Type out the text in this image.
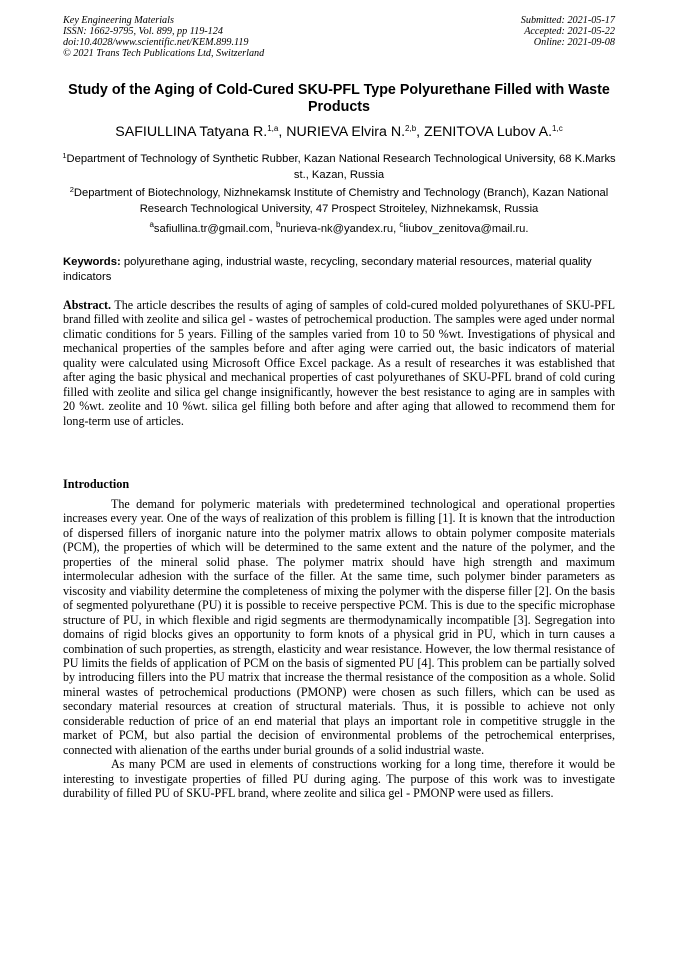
Key Engineering Materials
ISSN: 1662-9795, Vol. 899, pp 119-124
doi:10.4028/www.scientific.net/KEM.899.119
© 2021 Trans Tech Publications Ltd, Switzerland
Submitted: 2021-05-17
Accepted: 2021-05-22
Online: 2021-09-08
Study of the Aging of Cold-Cured SKU-PFL Type Polyurethane Filled with Waste Products
SAFIULLINA Tatyana R.$^{1,a}$, NURIEVA Elvira N.$^{2,b}$, ZENITOVA Lubov A.$^{1,c}$
$^1$Department of Technology of Synthetic Rubber, Kazan National Research Technological University, 68 K.Marks st., Kazan, Russia
$^2$Department of Biotechnology, Nizhnekamsk Institute of Chemistry and Technology (Branch), Kazan National Research Technological University, 47 Prospect Stroiteley, Nizhnekamsk, Russia
$^a$safiullina.tr@gmail.com, $^b$nurieva-nk@yandex.ru, $^c$liubov_zenitova@mail.ru.
Keywords: polyurethane aging, industrial waste, recycling, secondary material resources, material quality indicators
Abstract. The article describes the results of aging of samples of cold-cured molded polyurethanes of SKU-PFL brand filled with zeolite and silica gel - wastes of petrochemical production. The samples were aged under normal climatic conditions for 5 years. Filling of the samples varied from 10 to 50 %wt. Investigations of physical and mechanical properties of the samples before and after aging were carried out, the basic indicators of material quality were calculated using Microsoft Office Excel package. As a result of researches it was established that after aging the basic physical and mechanical properties of cast polyurethanes of SKU-PFL brand of cold curing filled with zeolite and silica gel change insignificantly, however the best resistance to aging are in samples with 20 %wt. zeolite and 10 %wt. silica gel filling both before and after aging that allowed to recommend them for long-term use of articles.
Introduction

The demand for polymeric materials with predetermined technological and operational properties increases every year. One of the ways of realization of this problem is filling [1]. It is known that the introduction of dispersed fillers of inorganic nature into the polymer matrix allows to obtain polymer composite materials (PCM), the properties of which will be determined to the same extent and the nature of the polymer, and the properties of the mineral solid phase. The polymer matrix should have high strength and maximum intermolecular adhesion with the surface of the filler. At the same time, such polymer binder parameters as viscosity and viability determine the completeness of mixing the polymer with the disperse filler [2]. On the basis of segmented polyurethane (PU) it is possible to receive perspective PCM. This is due to the specific microphase structure of PU, in which flexible and rigid segments are thermodynamically incompatible [3]. Segregation into domains of rigid blocks gives an opportunity to form knots of a physical grid in PU, which in turn causes a combination of such properties, as strength, elasticity and wear resistance. However, the low thermal resistance of PU limits the fields of application of PCM on the basis of sigmented PU [4]. This problem can be partially solved by introducing fillers into the PU matrix that increase the thermal resistance of the composition as a whole. Solid mineral wastes of petrochemical productions (PMONP) were chosen as such fillers, which can be used as secondary material resources at creation of structural materials. Thus, it is possible to achieve not only considerable reduction of price of an end material that plays an important role in competitive struggle in the market of PCM, but also partial the decision of environmental problems of the petrochemical enterprises, connected with alienation of the earths under burial grounds of a solid industrial waste.

As many PCM are used in elements of constructions working for a long time, therefore it would be interesting to investigate properties of filled PU during aging. The purpose of this work was to investigate durability of filled PU of SKU-PFL brand, where zeolite and silica gel - PMONP were used as fillers.
